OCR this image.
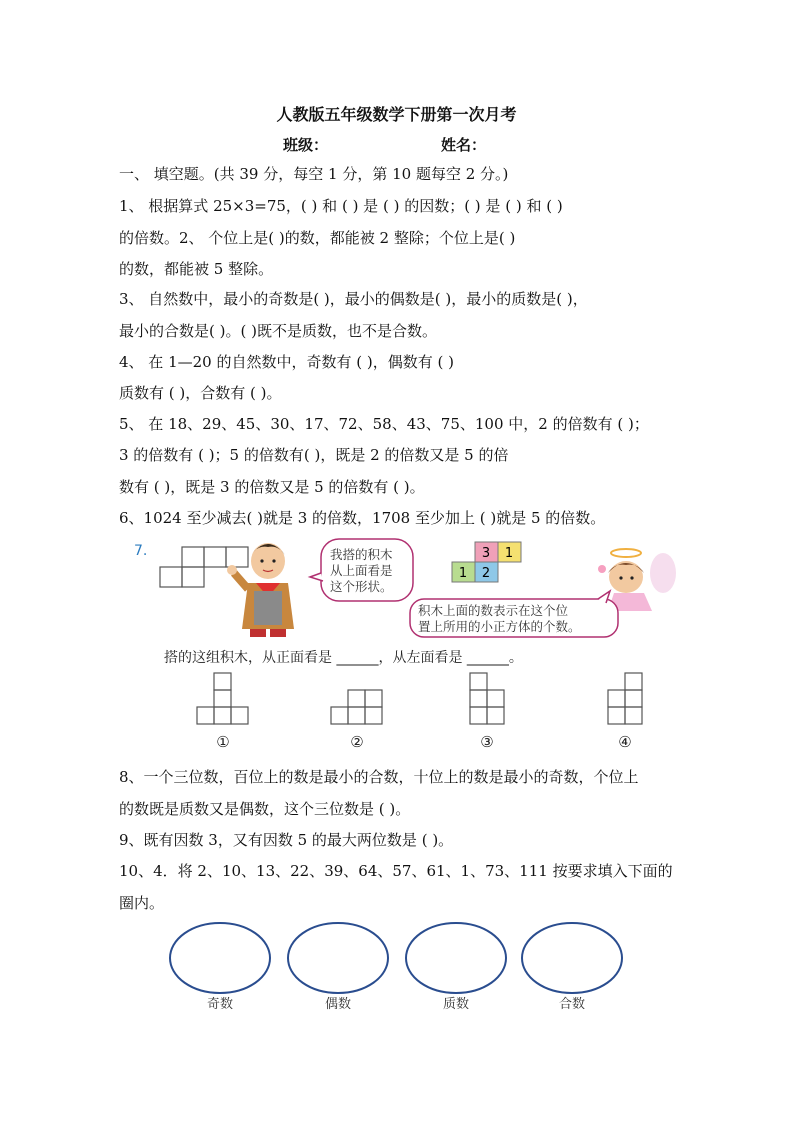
人教版五年级数学下册第一次月考
班级：	姓名：
一、 填空题。(共 39 分，每空 1 分，第 10 题每空 2 分。)
1、 根据算式 25×3=75，( ) 和 ( ) 是 ( ) 的因数；( ) 是 ( ) 和 ( )
的倍数。2、 个位上是( )的数，都能被 2 整除；个位上是( )
的数，都能被 5 整除。
3、 自然数中，最小的奇数是( )，最小的偶数是( )，最小的质数是( )，
最小的合数是( )。( )既不是质数，也不是合数。
4、 在 1—20 的自然数中，奇数有 ( )，偶数有 ( )
质数有 ( )，合数有 ( )。
5、 在 18、29、45、30、17、72、58、43、75、100 中，2 的倍数有 ( )；
3 的倍数有 ( )；5 的倍数有( )，既是 2 的倍数又是 5 的倍
数有 ( )，既是 3 的倍数又是 5 的倍数有 ( )。
6、1024 至少减去( )就是 3 的倍数，1708 至少加上 ( )就是 5 的倍数。
7.	我搭的积木
从上面看是
这个形状。
3 1
1 2
积木上面的数表示在这个位
置上所用的小正方体的个数。
搭的这组积木，从正面看是 ______，从左面看是 ______。
①	②	③	④
8、一个三位数，百位上的数是最小的合数，十位上的数是最小的奇数，个位上
的数既是质数又是偶数，这个三位数是 ( )。
9、既有因数 3，又有因数 5 的最大两位数是 ( )。
10、4．将 2、10、13、22、39、64、57、61、1、73、111 按要求填入下面的
圈内。
奇数	偶数	质数	合数
